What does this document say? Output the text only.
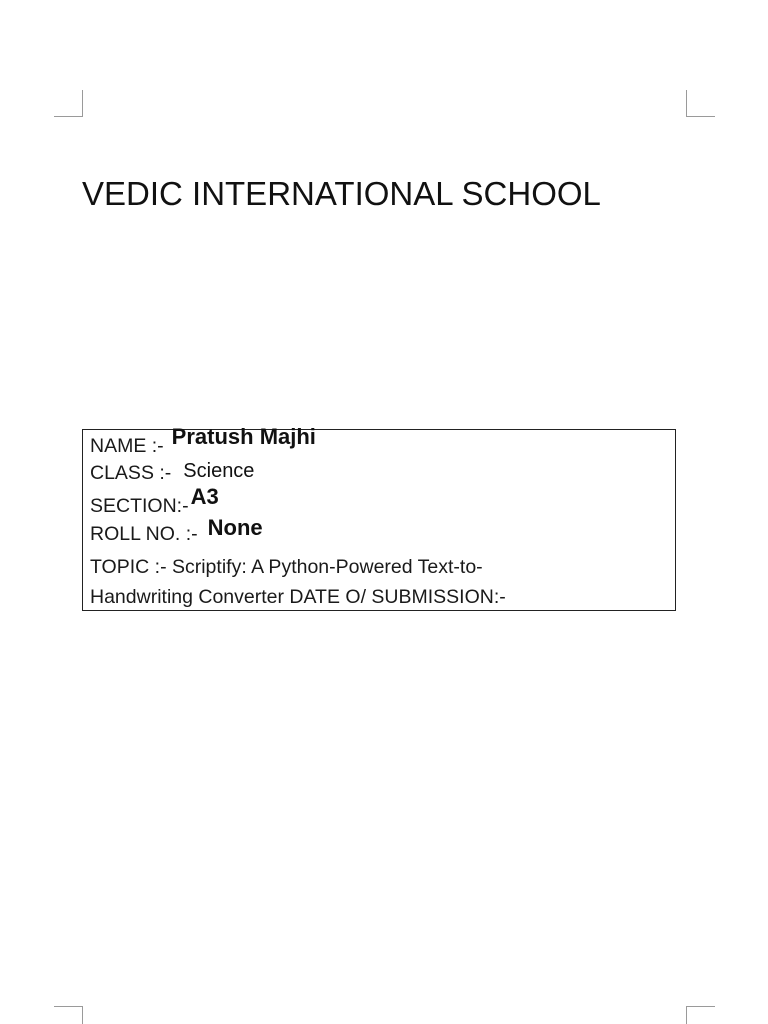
VEDIC INTERNATIONAL SCHOOL
NAME :- Pratush Majhi
CLASS :- Science
SECTION:-A3
ROLL NO. :- None
TOPIC :- Scriptify: A Python-Powered Text-to-
Handwriting Converter DATE O/ SUBMISSION:-
